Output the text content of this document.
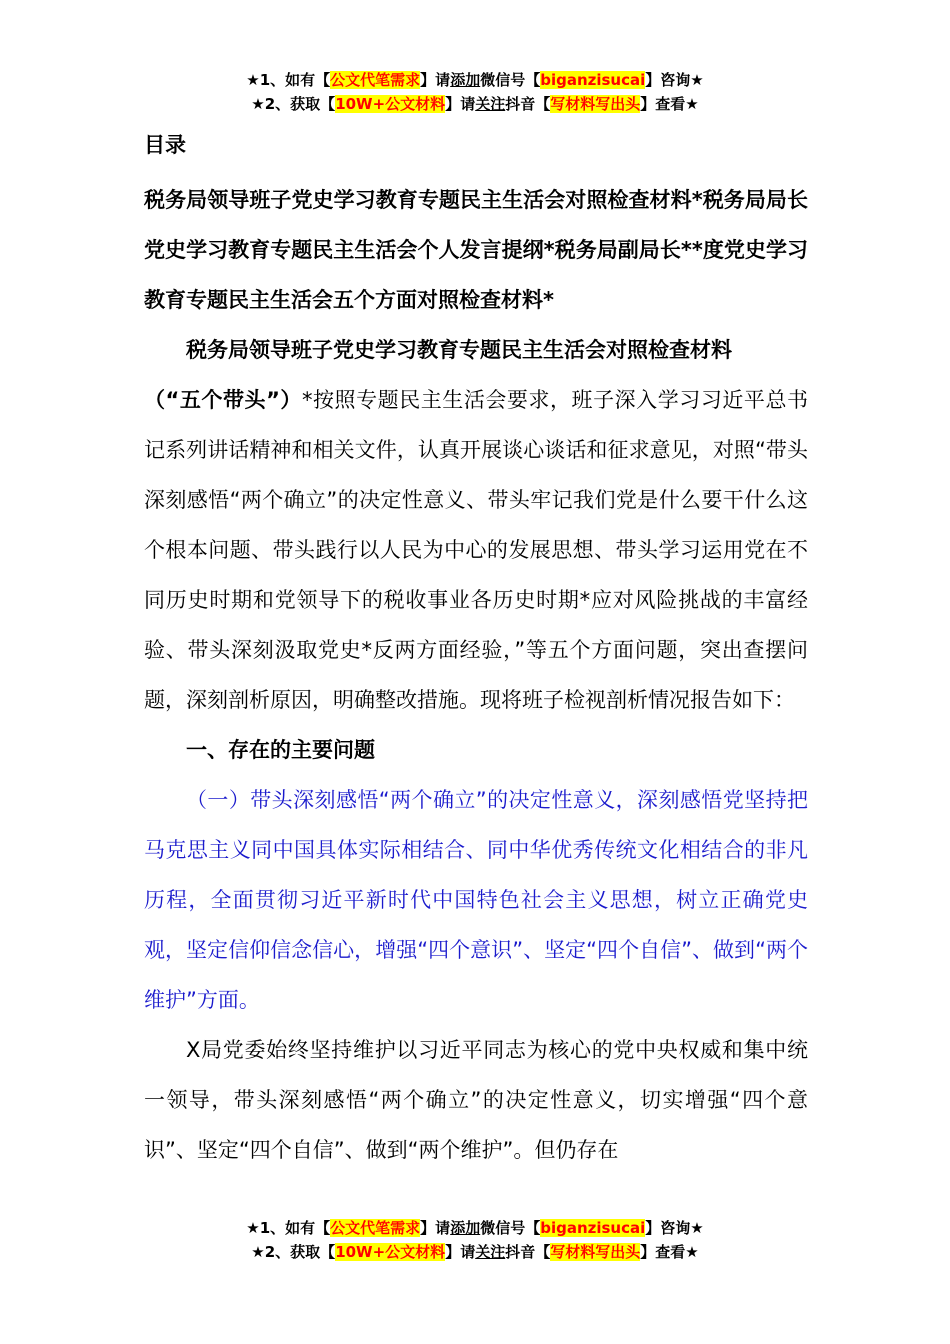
★1、如有【公文代笔需求】请添加微信号【biganzisucai】咨询★
★2、获取【10W+公文材料】请关注抖音【写材料写出头】查看★

目录

税务局领导班子党史学习教育专题民主生活会对照检查材料*税务局局长党史学习教育专题民主生活会个人发言提纲*税务局副局长**度党史学习教育专题民主生活会五个方面对照检查材料*

税务局领导班子党史学习教育专题民主生活会对照检查材料

（“五个带头”）*按照专题民主生活会要求，班子深入学习习近平总书记系列讲话精神和相关文件，认真开展谈心谈话和征求意见，对照“带头深刻感悟“两个确立”的决定性意义、带头牢记我们党是什么要干什么这个根本问题、带头践行以人民为中心的发展思想、带头学习运用党在不同历史时期和党领导下的税收事业各历史时期*应对风险挑战的丰富经验、带头深刻汲取党史*反两方面经验，”等五个方面问题，突出查摆问题，深刻剖析原因，明确整改措施。现将班子检视剖析情况报告如下：

一、存在的主要问题

（一）带头深刻感悟“两个确立”的决定性意义，深刻感悟党坚持把马克思主义同中国具体实际相结合、同中华优秀传统文化相结合的非凡历程，全面贯彻习近平新时代中国特色社会主义思想，树立正确党史观，坚定信仰信念信心，增强“四个意识”、坚定“四个自信”、做到“两个维护”方面。

X局党委始终坚持维护以习近平同志为核心的党中央权威和集中统一领导，带头深刻感悟“两个确立”的决定性意义，切实增强“四个意识”、坚定“四个自信”、做到“两个维护”。但仍存在

★1、如有【公文代笔需求】请添加微信号【biganzisucai】咨询★
★2、获取【10W+公文材料】请关注抖音【写材料写出头】查看★
